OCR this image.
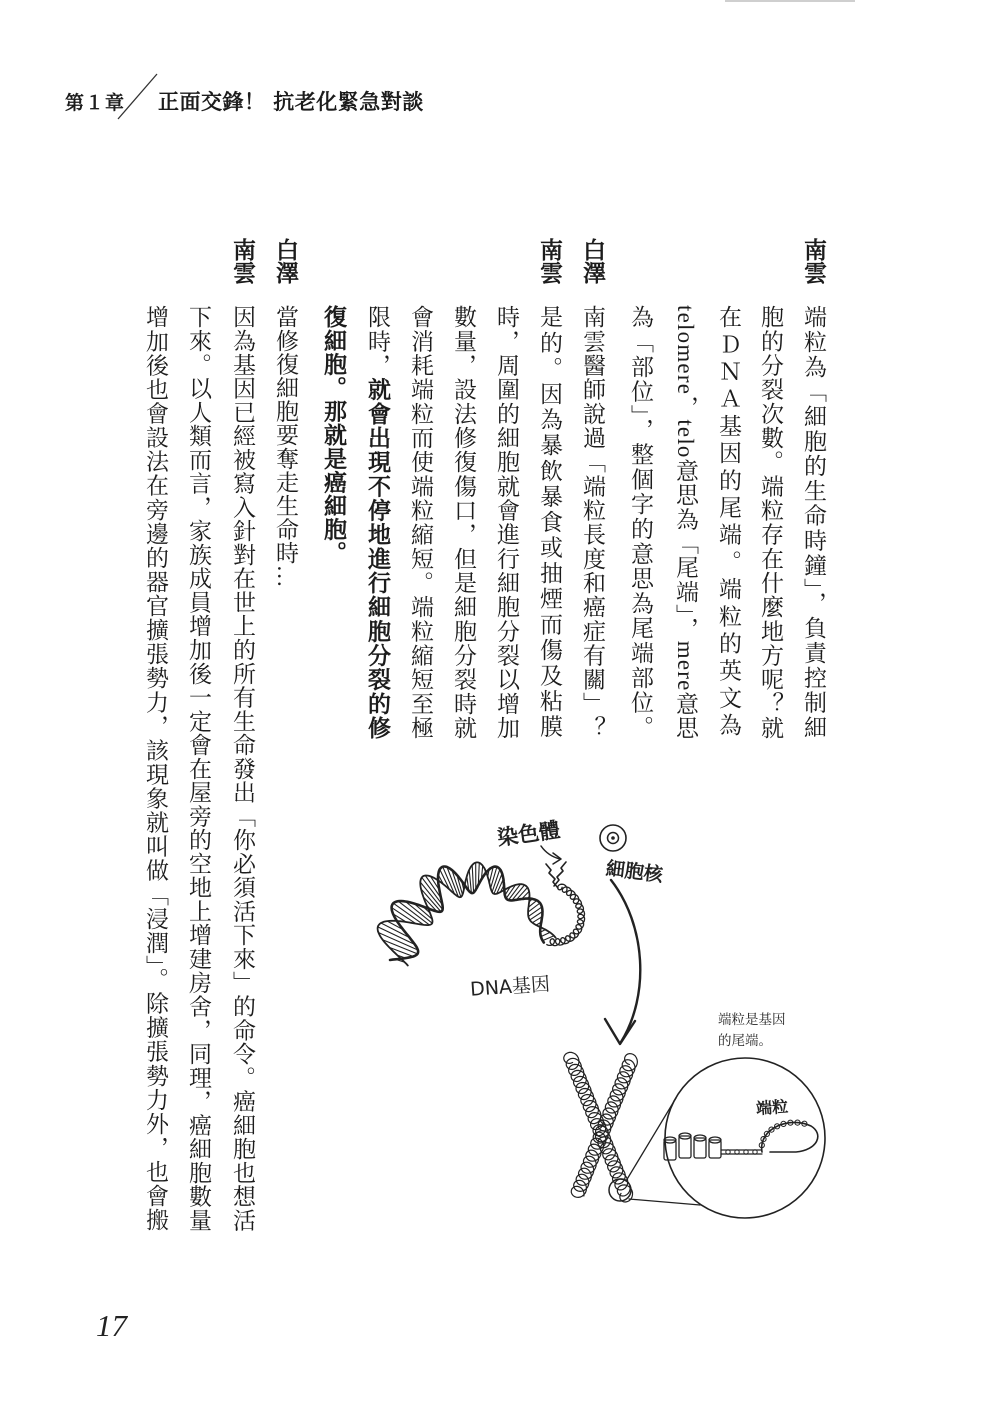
第１章 正面交鋒！ 抗老化緊急對談
南雲
端粒為「細胞的生命時鐘」，負責控制細
胞的分裂次數。端粒存在什麼地方呢？就
在ＤＮＡ基因的尾端。端粒的英文為
telomere，telo意思為「尾端」，mere意思
為「部位」，整個字的意思為尾端部位。
白澤
南雲醫師說過「端粒長度和癌症有關」？
南雲
是的。因為暴飲暴食或抽煙而傷及粘膜
時，周圍的細胞就會進行細胞分裂以增加
數量，設法修復傷口，但是細胞分裂時就
會消耗端粒而使端粒縮短。端粒縮短至極
限時，就會出現不停地進行細胞分裂的修
復細胞。那就是癌細胞。
白澤
當修復細胞要奪走生命時…
南雲
因為基因已經被寫入針對在世上的所有生命發出「你必須活下來」的命令。癌細胞也想活
下來。以人類而言，家族成員增加後一定會在屋旁的空地上增建房舍，同理，癌細胞數量
增加後也會設法在旁邊的器官擴張勢力，該現象就叫做「浸潤」。除擴張勢力外，也會搬	染色體
細胞核
DNA基因
端粒
端粒是基因
的尾端。
17
